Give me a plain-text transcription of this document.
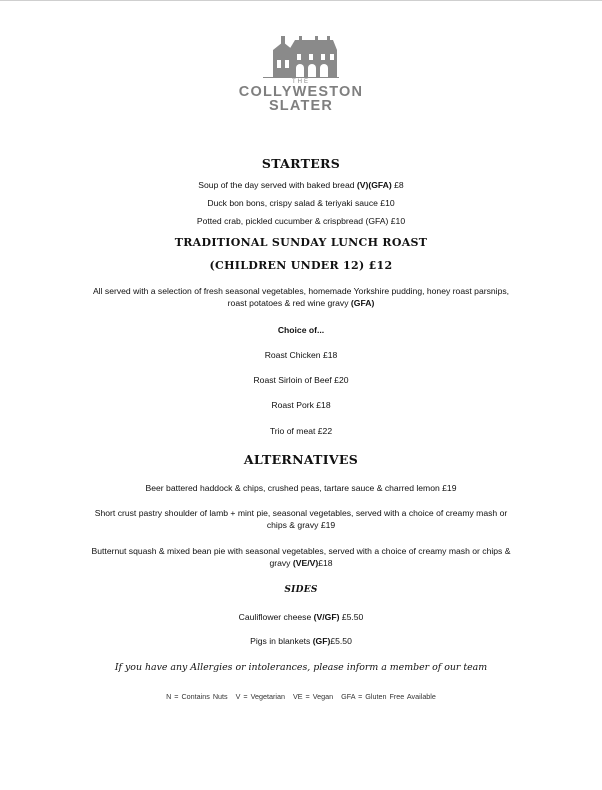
THE
COLLYWESTON
SLATER
STARTERS
Soup of the day served with baked bread (V)(GFA) £8
Duck bon bons, crispy salad & teriyaki sauce £10
Potted crab, pickled cucumber & crispbread (GFA) £10
TRADITIONAL SUNDAY LUNCH ROAST
(CHILDREN UNDER 12) £12
All served with a selection of fresh seasonal vegetables, homemade Yorkshire pudding, honey roast parsnips,
roast potatoes & red wine gravy (GFA)
Choice of...
Roast Chicken £18
Roast Sirloin of Beef £20
Roast Pork £18
Trio of meat £22
ALTERNATIVES
Beer battered haddock & chips, crushed peas, tartare sauce & charred lemon £19
Short crust pastry shoulder of lamb + mint pie, seasonal vegetables, served with a choice of creamy mash or
chips & gravy £19
Butternut squash & mixed bean pie with seasonal vegetables, served with a choice of creamy mash or chips &
gravy (VE/V)£18
SIDES
Cauliflower cheese (V/GF) £5.50
Pigs in blankets (GF)£5.50
If you have any Allergies or intolerances, please inform a member of our team
N = Contains Nuts V = Vegetarian VE = Vegan GFA = Gluten Free Available
